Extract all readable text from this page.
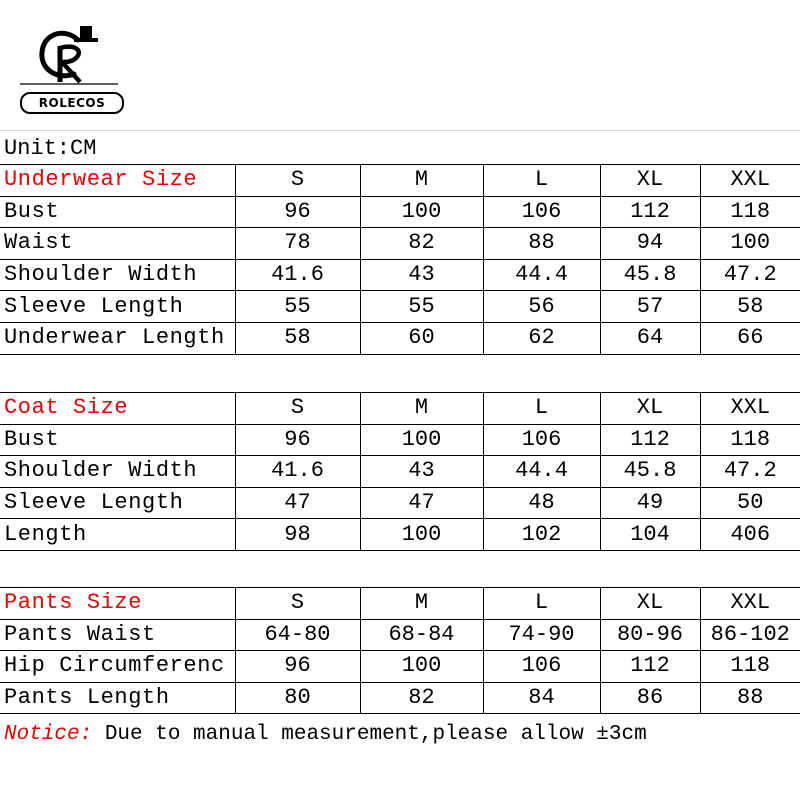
ROLECOS
Unit:CM
Underwear Size	S	M	L	XL	XXL
Bust	96	100	106	112	118
Waist	78	82	88	94	100
Shoulder Width	41.6	43	44.4	45.8	47.2
Sleeve Length	55	55	56	57	58
Underwear Length	58	60	62	64	66
Coat Size	S	M	L	XL	XXL
Bust	96	100	106	112	118
Shoulder Width	41.6	43	44.4	45.8	47.2
Sleeve Length	47	47	48	49	50
Length	98	100	102	104	406
Pants Size	S	M	L	XL	XXL
Pants Waist	64-80	68-84	74-90	80-96	86-102
Hip Circumferenc	96	100	106	112	118
Pants Length	80	82	84	86	88
Notice: Due to manual measurement,please allow ±3cm
